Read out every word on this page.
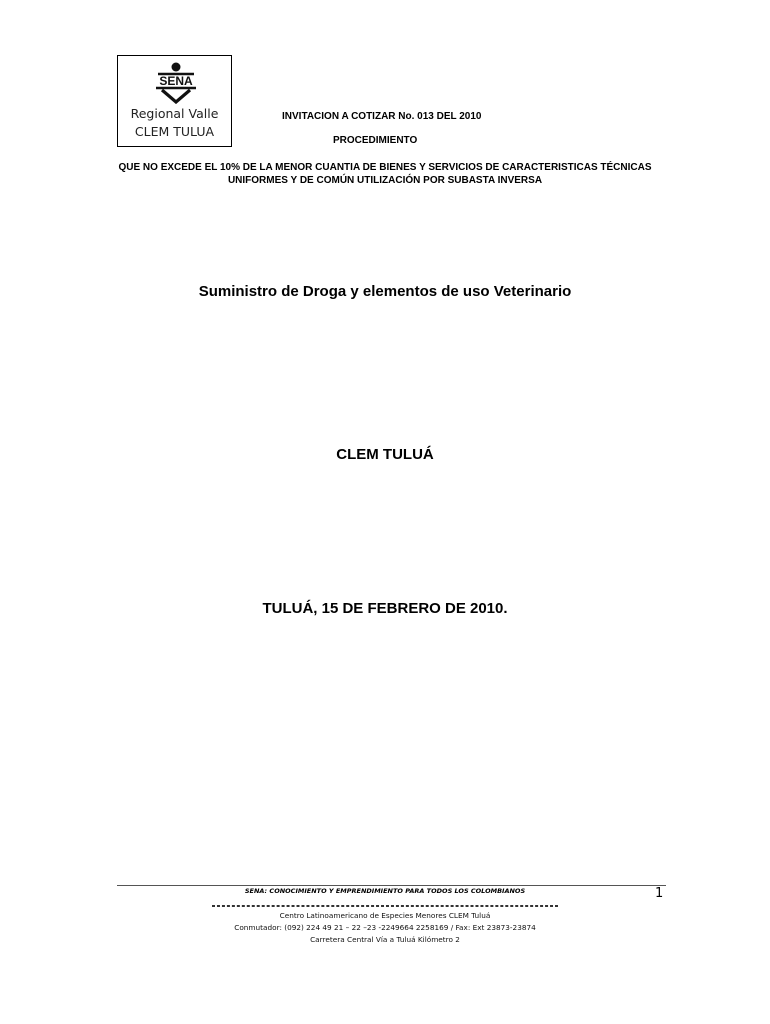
SENA
Regional Valle
CLEM TULUA
INVITACION A COTIZAR No. 013 DEL 2010
PROCEDIMIENTO
QUE NO EXCEDE EL 10% DE LA MENOR CUANTIA DE BIENES Y SERVICIOS DE CARACTERISTICAS TÉCNICAS
UNIFORMES Y DE COMÚN UTILIZACIÓN POR SUBASTA INVERSA
Suministro de Droga y elementos de uso Veterinario
CLEM TULUÁ
TULUÁ, 15 DE FEBRERO DE 2010.
SENA: CONOCIMIENTO Y EMPRENDIMIENTO PARA TODOS LOS COLOMBIANOS	1
Centro Latinoamericano de Especies Menores CLEM Tuluá
Conmutador: (092) 224 49 21 – 22 –23 -2249664 2258169 / Fax: Ext 23873-23874
Carretera Central Vía a Tuluá Kilómetro 2
